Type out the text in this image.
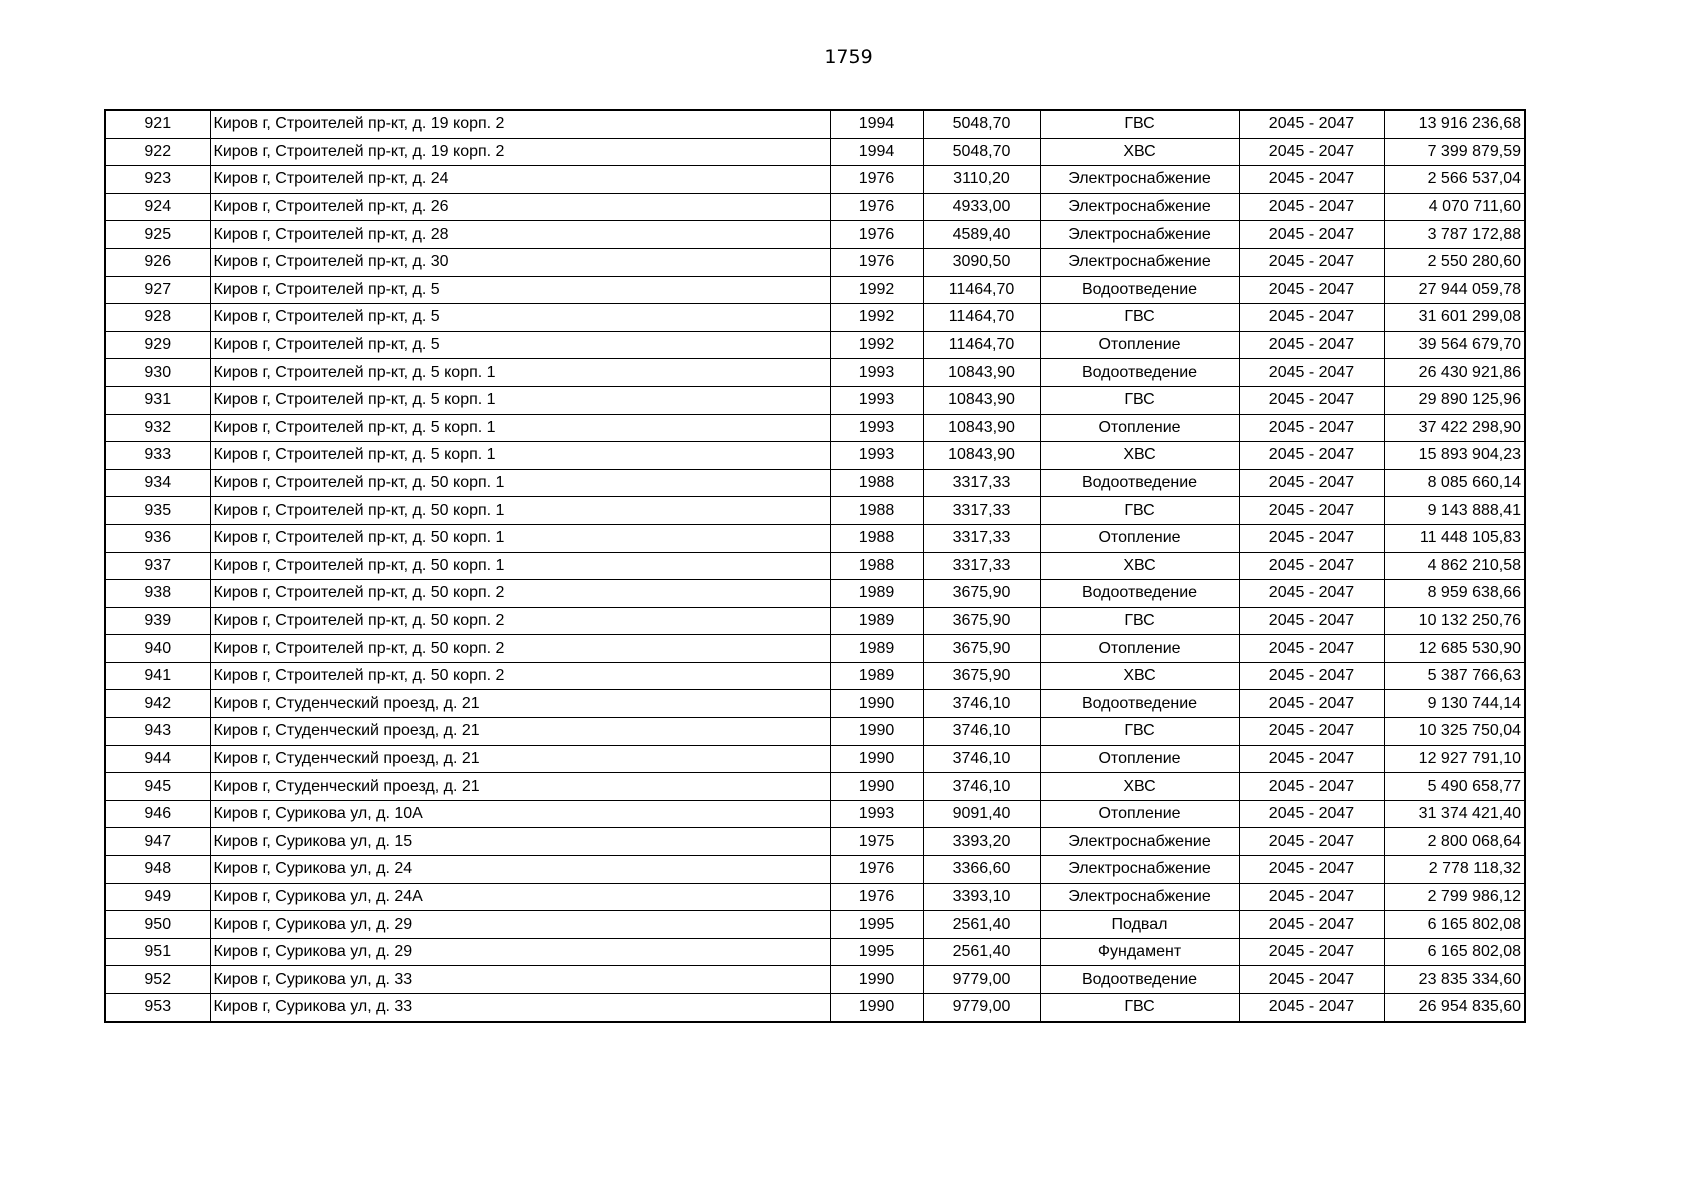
1759
921	Киров г, Строителей пр-кт, д. 19 корп. 2	1994	5048,70	ГВС	2045 - 2047	13 916 236,68
922	Киров г, Строителей пр-кт, д. 19 корп. 2	1994	5048,70	ХВС	2045 - 2047	7 399 879,59
923	Киров г, Строителей пр-кт, д. 24	1976	3110,20	Электроснабжение	2045 - 2047	2 566 537,04
924	Киров г, Строителей пр-кт, д. 26	1976	4933,00	Электроснабжение	2045 - 2047	4 070 711,60
925	Киров г, Строителей пр-кт, д. 28	1976	4589,40	Электроснабжение	2045 - 2047	3 787 172,88
926	Киров г, Строителей пр-кт, д. 30	1976	3090,50	Электроснабжение	2045 - 2047	2 550 280,60
927	Киров г, Строителей пр-кт, д. 5	1992	11464,70	Водоотведение	2045 - 2047	27 944 059,78
928	Киров г, Строителей пр-кт, д. 5	1992	11464,70	ГВС	2045 - 2047	31 601 299,08
929	Киров г, Строителей пр-кт, д. 5	1992	11464,70	Отопление	2045 - 2047	39 564 679,70
930	Киров г, Строителей пр-кт, д. 5 корп. 1	1993	10843,90	Водоотведение	2045 - 2047	26 430 921,86
931	Киров г, Строителей пр-кт, д. 5 корп. 1	1993	10843,90	ГВС	2045 - 2047	29 890 125,96
932	Киров г, Строителей пр-кт, д. 5 корп. 1	1993	10843,90	Отопление	2045 - 2047	37 422 298,90
933	Киров г, Строителей пр-кт, д. 5 корп. 1	1993	10843,90	ХВС	2045 - 2047	15 893 904,23
934	Киров г, Строителей пр-кт, д. 50 корп. 1	1988	3317,33	Водоотведение	2045 - 2047	8 085 660,14
935	Киров г, Строителей пр-кт, д. 50 корп. 1	1988	3317,33	ГВС	2045 - 2047	9 143 888,41
936	Киров г, Строителей пр-кт, д. 50 корп. 1	1988	3317,33	Отопление	2045 - 2047	11 448 105,83
937	Киров г, Строителей пр-кт, д. 50 корп. 1	1988	3317,33	ХВС	2045 - 2047	4 862 210,58
938	Киров г, Строителей пр-кт, д. 50 корп. 2	1989	3675,90	Водоотведение	2045 - 2047	8 959 638,66
939	Киров г, Строителей пр-кт, д. 50 корп. 2	1989	3675,90	ГВС	2045 - 2047	10 132 250,76
940	Киров г, Строителей пр-кт, д. 50 корп. 2	1989	3675,90	Отопление	2045 - 2047	12 685 530,90
941	Киров г, Строителей пр-кт, д. 50 корп. 2	1989	3675,90	ХВС	2045 - 2047	5 387 766,63
942	Киров г, Студенческий проезд, д. 21	1990	3746,10	Водоотведение	2045 - 2047	9 130 744,14
943	Киров г, Студенческий проезд, д. 21	1990	3746,10	ГВС	2045 - 2047	10 325 750,04
944	Киров г, Студенческий проезд, д. 21	1990	3746,10	Отопление	2045 - 2047	12 927 791,10
945	Киров г, Студенческий проезд, д. 21	1990	3746,10	ХВС	2045 - 2047	5 490 658,77
946	Киров г, Сурикова ул, д. 10А	1993	9091,40	Отопление	2045 - 2047	31 374 421,40
947	Киров г, Сурикова ул, д. 15	1975	3393,20	Электроснабжение	2045 - 2047	2 800 068,64
948	Киров г, Сурикова ул, д. 24	1976	3366,60	Электроснабжение	2045 - 2047	2 778 118,32
949	Киров г, Сурикова ул, д. 24А	1976	3393,10	Электроснабжение	2045 - 2047	2 799 986,12
950	Киров г, Сурикова ул, д. 29	1995	2561,40	Подвал	2045 - 2047	6 165 802,08
951	Киров г, Сурикова ул, д. 29	1995	2561,40	Фундамент	2045 - 2047	6 165 802,08
952	Киров г, Сурикова ул, д. 33	1990	9779,00	Водоотведение	2045 - 2047	23 835 334,60
953	Киров г, Сурикова ул, д. 33	1990	9779,00	ГВС	2045 - 2047	26 954 835,60
